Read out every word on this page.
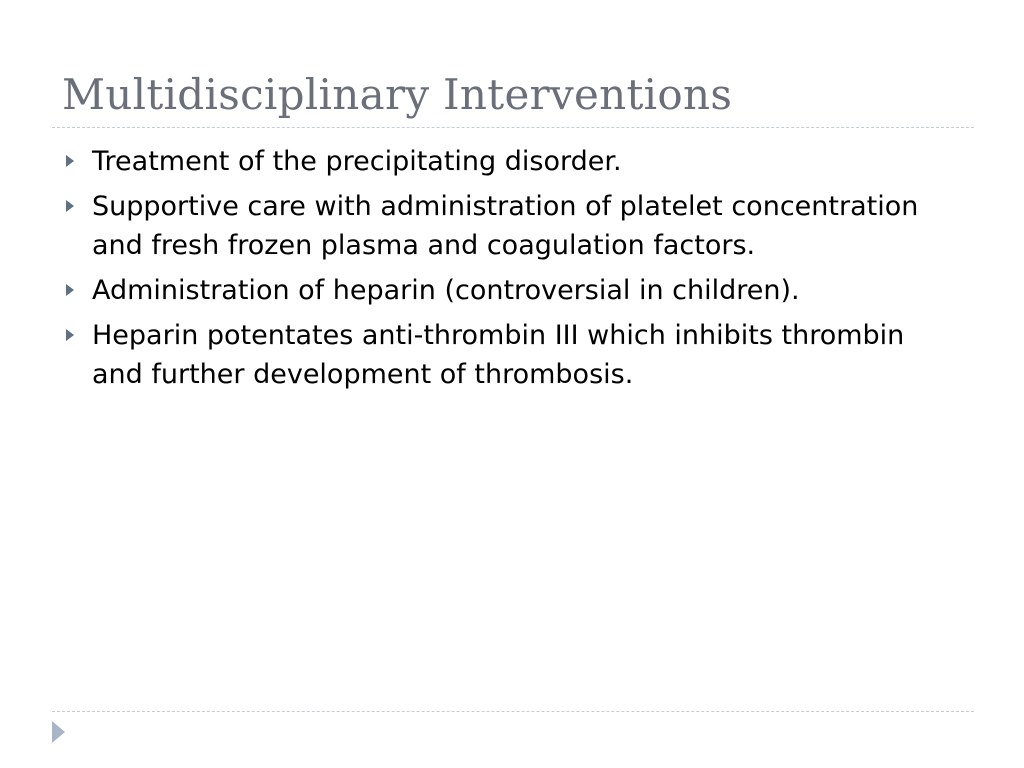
Multidisciplinary Interventions
Treatment of the precipitating disorder.
Supportive care with administration of platelet concentration and fresh frozen plasma and coagulation factors.
Administration of heparin (controversial in children).
Heparin potentates anti-thrombin III which inhibits thrombin and further development of thrombosis.
